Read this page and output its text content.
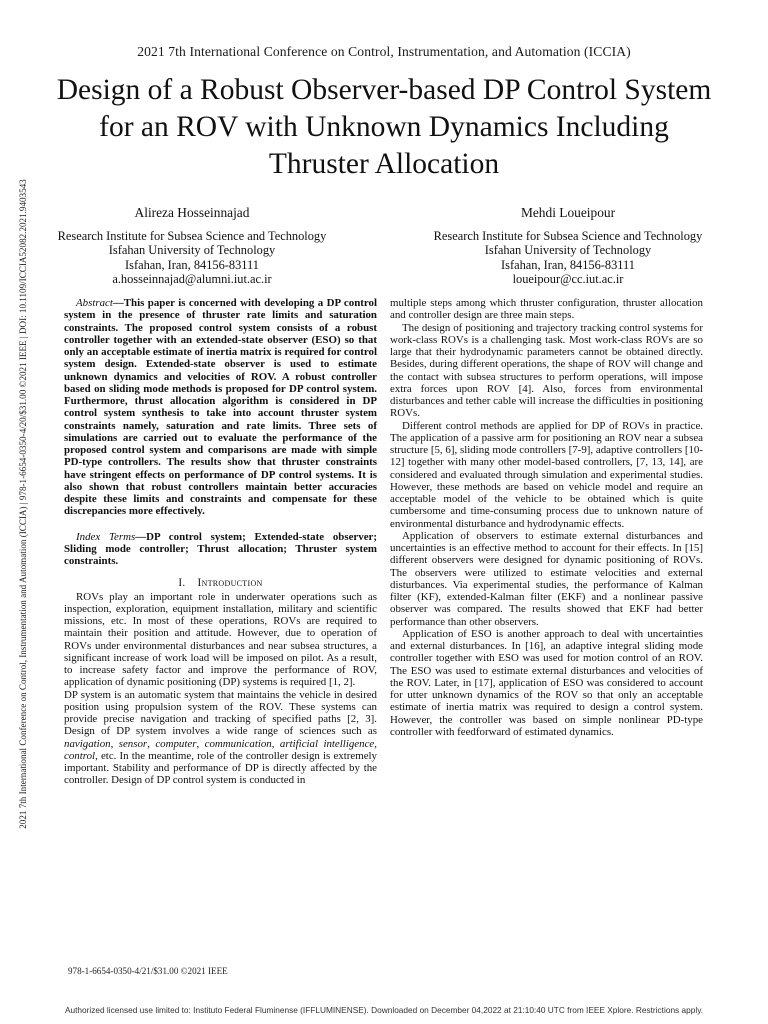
2021 7th International Conference on Control, Instrumentation and Automation (ICCIA) | 978-1-6654-0350-4/20/$31.00 ©2021 IEEE | DOI: 10.1109/ICCIA52082.2021.9403543
2021 7th International Conference on Control, Instrumentation, and Automation (ICCIA)
Design of a Robust Observer-based DP Control System
for an ROV with Unknown Dynamics Including
Thruster Allocation
Alireza Hosseinnajad
Research Institute for Subsea Science and Technology
Isfahan University of Technology
Isfahan, Iran, 84156-83111
a.hosseinnajad@alumni.iut.ac.ir
Mehdi Loueipour
Research Institute for Subsea Science and Technology
Isfahan University of Technology
Isfahan, Iran, 84156-83111
loueipour@cc.iut.ac.ir

Abstract—This paper is concerned with developing a DP control system in the presence of thruster rate limits and saturation constraints. The proposed control system consists of a robust controller together with an extended-state observer (ESO) so that only an acceptable estimate of inertia matrix is required for control system design. Extended-state observer is used to estimate unknown dynamics and velocities of ROV. A robust controller based on sliding mode methods is proposed for DP control system. Furthermore, thrust allocation algorithm is considered in DP control system synthesis to take into account thruster system constraints namely, saturation and rate limits. Three sets of simulations are carried out to evaluate the performance of the proposed control system and comparisons are made with simple PD-type controllers. The results show that thruster constraints have stringent effects on performance of DP control systems. It is also shown that robust controllers maintain better accuracies despite these limits and constraints and compensate for these discrepancies more effectively.

Index Terms—DP control system; Extended-state observer; Sliding mode controller; Thrust allocation; Thruster system constraints.

I. Introduction

ROVs play an important role in underwater operations such as inspection, exploration, equipment installation, military and scientific missions, etc. In most of these operations, ROVs are required to maintain their position and attitude. However, due to operation of ROVs under environmental disturbances and near subsea structures, a significant increase of work load will be imposed on pilot. As a result, to increase safety factor and improve the performance of ROV, application of dynamic positioning (DP) systems is required [1, 2].

DP system is an automatic system that maintains the vehicle in desired position using propulsion system of the ROV. These systems can provide precise navigation and tracking of specified paths [2, 3]. Design of DP system involves a wide range of sciences such as navigation, sensor, computer, communication, artificial intelligence, control, etc. In the meantime, role of the controller design is extremely important. Stability and performance of DP is directly affected by the controller. Design of DP control system is conducted in

multiple steps among which thruster configuration, thruster allocation and controller design are three main steps.

The design of positioning and trajectory tracking control systems for work-class ROVs is a challenging task. Most work-class ROVs are so large that their hydrodynamic parameters cannot be obtained directly. Besides, during different operations, the shape of ROV will change and the contact with subsea structures to perform operations, will impose extra forces upon ROV [4]. Also, forces from environmental disturbances and tether cable will increase the difficulties in positioning ROVs.

Different control methods are applied for DP of ROVs in practice. The application of a passive arm for positioning an ROV near a subsea structure [5, 6], sliding mode controllers [7-9], adaptive controllers [10-12] together with many other model-based controllers, [7, 13, 14], are considered and evaluated through simulation and experimental studies. However, these methods are based on vehicle model and require an acceptable model of the vehicle to be obtained which is quite cumbersome and time-consuming process due to unknown nature of environmental disturbance and hydrodynamic effects.

Application of observers to estimate external disturbances and uncertainties is an effective method to account for their effects. In [15] different observers were designed for dynamic positioning of ROVs. The observers were utilized to estimate velocities and external disturbances. Via experimental studies, the performance of Kalman filter (KF), extended-Kalman filter (EKF) and a nonlinear passive observer was compared. The results showed that EKF had better performance than other observers.

Application of ESO is another approach to deal with uncertainties and external disturbances. In [16], an adaptive integral sliding mode controller together with ESO was used for motion control of an ROV. The ESO was used to estimate external disturbances and velocities of the ROV. Later, in [17], application of ESO was considered to account for utter unknown dynamics of the ROV so that only an acceptable estimate of inertia matrix was required to design a control system. However, the controller was based on simple nonlinear PD-type controller with feedforward of estimated dynamics.

978-1-6654-0350-4/21/$31.00 ©2021 IEEE
Authorized licensed use limited to: Instituto Federal Fluminense (IFFLUMINENSE). Downloaded on December 04,2022 at 21:10:40 UTC from IEEE Xplore. Restrictions apply.
